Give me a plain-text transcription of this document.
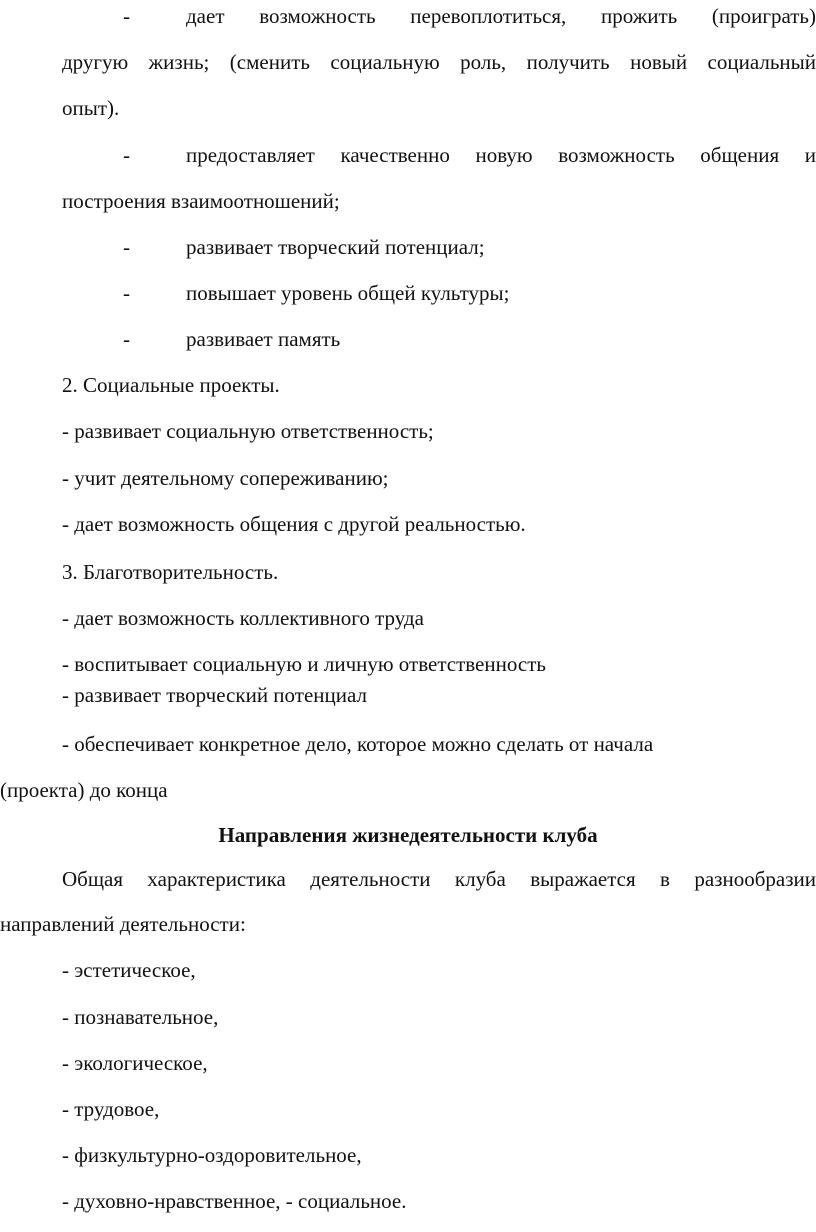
-	дает возможность перевоплотиться, прожить (проиграть)
другую жизнь; (сменить социальную роль, получить новый социальный
опыт).
-	предоставляет качественно новую возможность общения и
построения взаимоотношений;
-	развивает творческий потенциал;
-	повышает уровень общей культуры;
-	развивает память
2. Социальные проекты.
- развивает социальную ответственность;
- учит деятельному сопереживанию;
- дает возможность общения с другой реальностью.
3. Благотворительность.
- дает возможность коллективного труда
- воспитывает социальную и личную ответственность
- развивает творческий потенциал
- обеспечивает конкретное дело, которое можно сделать от начала
(проекта) до конца
Направления жизнедеятельности клуба
Общая характеристика деятельности клуба выражается в разнообразии
направлений деятельности:
- эстетическое,
- познавательное,
- экологическое,
- трудовое,
- физкультурно-оздоровительное,
- духовно-нравственное, - социальное.
